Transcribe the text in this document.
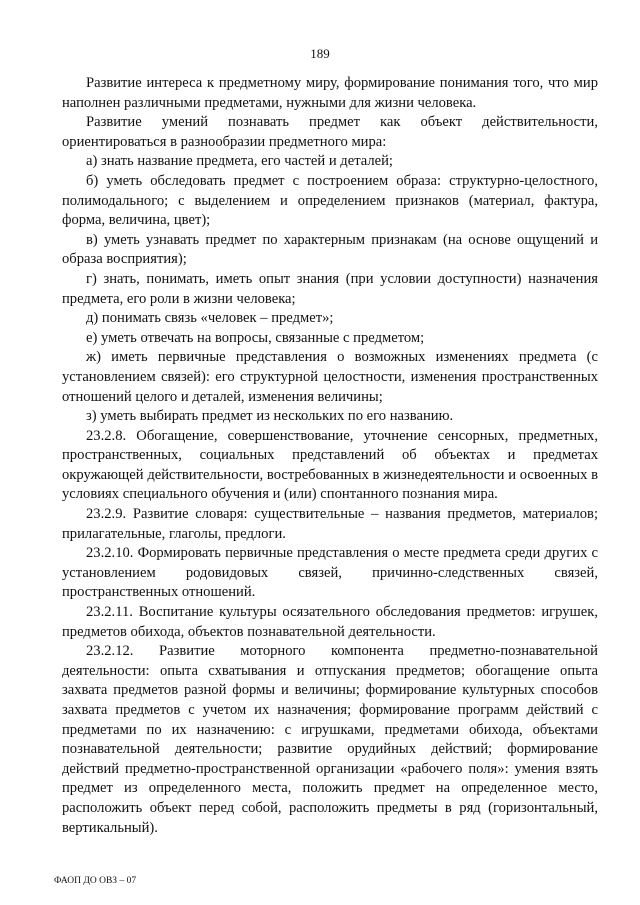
189

Развитие интереса к предметному миру, формирование понимания того, что мир наполнен различными предметами, нужными для жизни человека.

Развитие умений познавать предмет как объект действительности, ориентироваться в разнообразии предметного мира:

а) знать название предмета, его частей и деталей;

б) уметь обследовать предмет с построением образа: структурно-целостного, полимодального; с выделением и определением признаков (материал, фактура, форма, величина, цвет);

в) уметь узнавать предмет по характерным признакам (на основе ощущений и образа восприятия);

г) знать, понимать, иметь опыт знания (при условии доступности) назначения предмета, его роли в жизни человека;

д) понимать связь «человек – предмет»;

е) уметь отвечать на вопросы, связанные с предметом;

ж) иметь первичные представления о возможных изменениях предмета (с установлением связей): его структурной целостности, изменения пространственных отношений целого и деталей, изменения величины;

з) уметь выбирать предмет из нескольких по его названию.

23.2.8. Обогащение, совершенствование, уточнение сенсорных, предметных, пространственных, социальных представлений об объектах и предметах окружающей действительности, востребованных в жизнедеятельности и освоенных в условиях специального обучения и (или) спонтанного познания мира.

23.2.9. Развитие словаря: существительные – названия предметов, материалов; прилагательные, глаголы, предлоги.

23.2.10. Формировать первичные представления о месте предмета среди других с установлением родовидовых связей, причинно-следственных связей, пространственных отношений.

23.2.11. Воспитание культуры осязательного обследования предметов: игрушек, предметов обихода, объектов познавательной деятельности.

23.2.12. Развитие моторного компонента предметно-познавательной деятельности: опыта схватывания и отпускания предметов; обогащение опыта захвата предметов разной формы и величины; формирование культурных способов захвата предметов с учетом их назначения; формирование программ действий с предметами по их назначению: с игрушками, предметами обихода, объектами познавательной деятельности; развитие орудийных действий; формирование действий предметно-пространственной организации «рабочего поля»: умения взять предмет из определенного места, положить предмет на определенное место, расположить объект перед собой, расположить предметы в ряд (горизонтальный, вертикальный).

ФАОП ДО ОВЗ – 07
